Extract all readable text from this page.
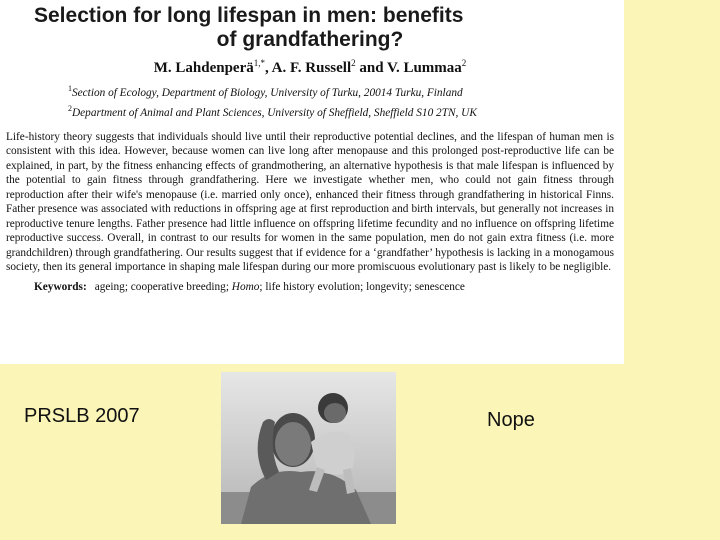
Selection for long lifespan in men: benefits
of grandfathering?
M. Lahdenperä$^{1,*}$, A. F. Russell$^2$ and V. Lummaa$^2$
$^1$Section of Ecology, Department of Biology, University of Turku, 20014 Turku, Finland
$^2$Department of Animal and Plant Sciences, University of Sheffield, Sheffield S10 2TN, UK
Life-history theory suggests that individuals should live until their reproductive potential declines, and the lifespan of human men is consistent with this idea. However, because women can live long after menopause and this prolonged post-reproductive life can be explained, in part, by the fitness enhancing effects of grandmothering, an alternative hypothesis is that male lifespan is influenced by the potential to gain fitness through grandfathering. Here we investigate whether men, who could not gain fitness through reproduction after their wife's menopause (i.e. married only once), enhanced their fitness through grandfathering in historical Finns. Father presence was associated with reductions in offspring age at first reproduction and birth intervals, but generally not increases in reproductive tenure lengths. Father presence had little influence on offspring lifetime fecundity and no influence on offspring lifetime reproductive success. Overall, in contrast to our results for women in the same population, men do not gain extra fitness (i.e. more grandchildren) through grandfathering. Our results suggest that if evidence for a ‘grandfather’ hypothesis is lacking in a monogamous society, then its general importance in shaping male lifespan during our more promiscuous evolutionary past is likely to be negligible.
Keywords: ageing; cooperative breeding; Homo; life history evolution; longevity; senescence
PRSLB 2007	Nope
